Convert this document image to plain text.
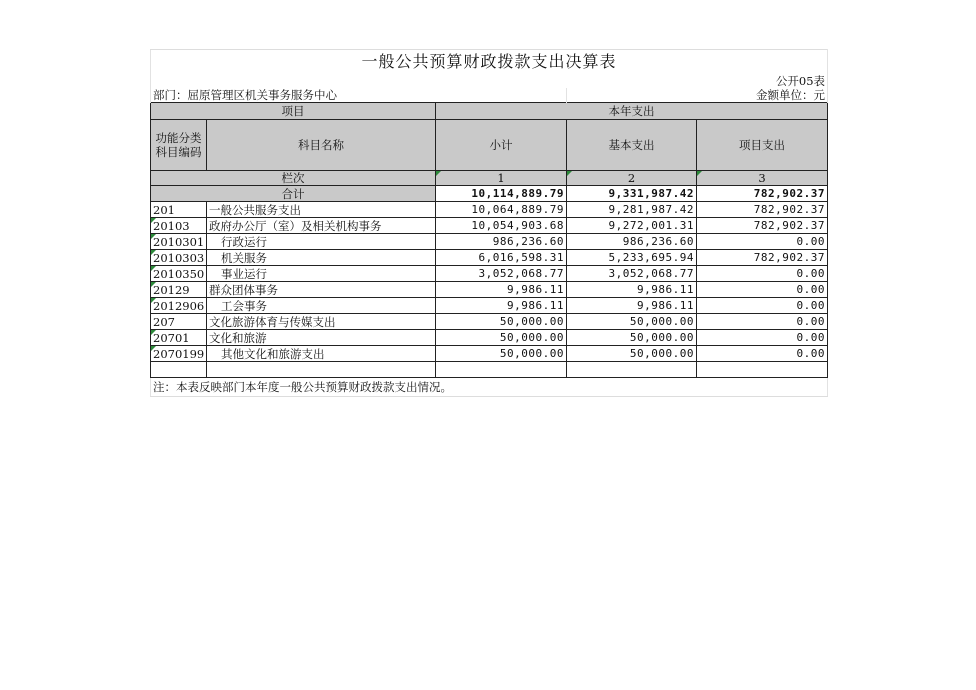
一般公共预算财政拨款支出决算表				
公开05表				
部门：屈原管理区机关事务服务中心			金额单位：元	
项目		本年支出		

功能分类
科目编码	科目名称	小计	基本支出	项目支出
栏次		1	2	3
合计		10,114,889.79	9,331,987.42	782,902.37
201	一般公共服务支出	10,064,889.79	9,281,987.42	782,902.37
20103	政府办公厅（室）及相关机构事务	10,054,903.68	9,272,001.31	782,902.37
2010301	行政运行	986,236.60	986,236.60	0.00
2010303	机关服务	6,016,598.31	5,233,695.94	782,902.37
2010350	事业运行	3,052,068.77	3,052,068.77	0.00
20129	群众团体事务	9,986.11	9,986.11	0.00
2012906	工会事务	9,986.11	9,986.11	0.00
207	文化旅游体育与传媒支出	50,000.00	50,000.00	0.00
20701	文化和旅游	50,000.00	50,000.00	0.00
2070199	其他文化和旅游支出	50,000.00	50,000.00	0.00

注：本表反映部门本年度一般公共预算财政拨款支出情况。				
